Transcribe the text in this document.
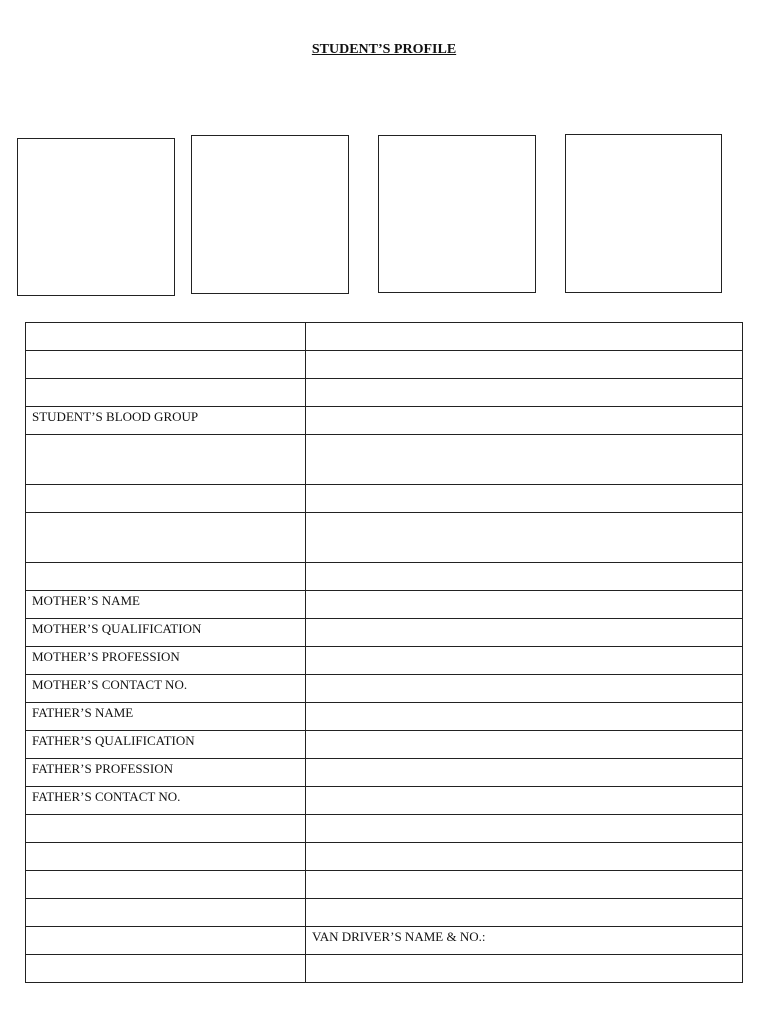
STUDENT’S PROFILE

STUDENT’S BLOOD GROUP	

MOTHER’S NAME	
MOTHER’S QUALIFICATION	
MOTHER’S PROFESSION	
MOTHER’S CONTACT NO.	
FATHER’S NAME	
FATHER’S QUALIFICATION	
FATHER’S PROFESSION	
FATHER’S CONTACT NO.	

	VAN DRIVER’S NAME & NO.:
